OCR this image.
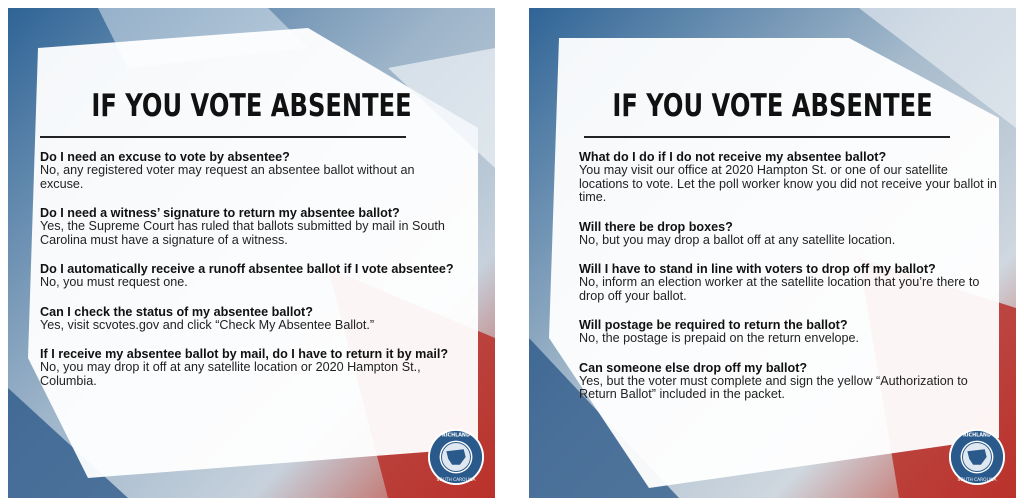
IF YOU VOTE ABSENTEE
Do I need an excuse to vote by absentee?
No, any registered voter may request an absentee ballot without an excuse.
Do I need a witness’ signature to return my absentee ballot?
Yes, the Supreme Court has ruled that ballots submitted by mail in South Carolina must have a signature of a witness.
Do I automatically receive a runoff absentee ballot if I vote absentee?
No, you must request one.
Can I check the status of my absentee ballot?
Yes, visit scvotes.gov and click “Check My Absentee Ballot.”
If I receive my absentee ballot by mail, do I have to return it by mail?
No, you may drop it off at any satellite location or 2020 Hampton St., Columbia.
RICHLAND
SOUTH CAROLINA
IF YOU VOTE ABSENTEE
What do I do if I do not receive my absentee ballot?
You may visit our office at 2020 Hampton St. or one of our satellite locations to vote. Let the poll worker know you did not receive your ballot in time.
Will there be drop boxes?
No, but you may drop a ballot off at any satellite location.
Will I have to stand in line with voters to drop off my ballot?
No, inform an election worker at the satellite location that you’re there to drop off your ballot.
Will postage be required to return the ballot?
No, the postage is prepaid on the return envelope.
Can someone else drop off my ballot?
Yes, but the voter must complete and sign the yellow “Authorization to Return Ballot” included in the packet.
RICHLAND
SOUTH CAROLINA
